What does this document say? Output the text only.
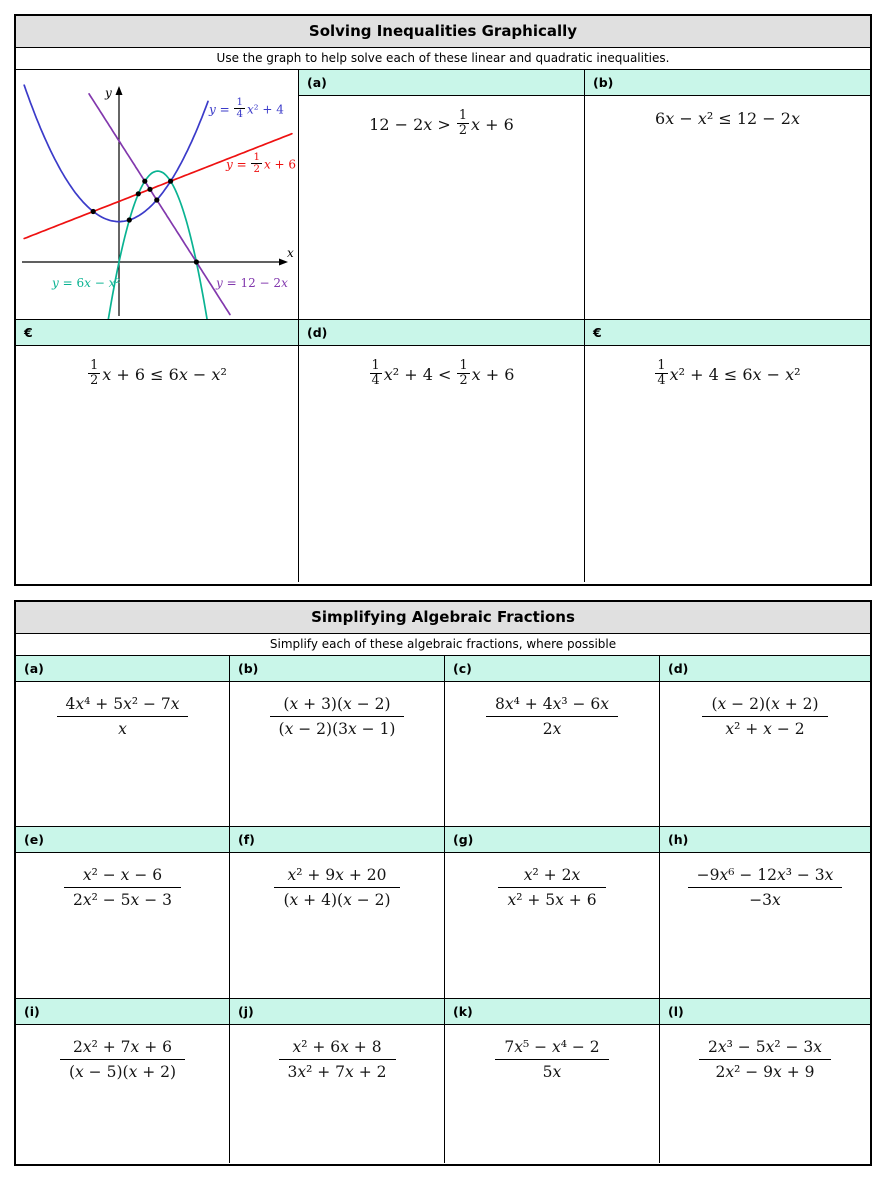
Solving Inequalities Graphically
Use the graph to help solve each of these linear and quadratic inequalities.
x
y
$y = \frac{1}{4} x^2 + 4$
$y = \frac{1}{2}$ x + 6
y = 6x − x²	y = 12 − 2x
(a)
$12 - 2x > \frac{1}{2}$ x + 6
(b)
6x − x² ≤ 12 − 2x
€
$\frac{1}{2}$ x + 6 ≤ 6x − x²
(d)
$\frac{1}{4} x^2 + 4 < \frac{1}{2}$ x + 6
€
$\frac{1}{4} x^2 + 4 \le 6x - x^2$
Simplifying Algebraic Fractions
Simplify each of these algebraic fractions, where possible
(a)
$\frac{\text{4x⁴ + 5x² − 7x}}{x}$
(b)
$\frac{(x + 3)(x - 2)}{(x - 2)(3x - 1)}$
(c)
$\frac{\text{8x⁴ + 4x³ − 6x}}{2x}$
(d)
$\frac{(x - 2)(x + 2)}{\text{x² + x − 2}}$
(e)
$\frac{\text{x² − x − 6}}{\text{2x² − 5x − 3}}$
(f)
$\frac{\text{x² + 9x + 20}}{(x + 4)(x - 2)}$
(g)
$\frac{\text{x² + 2x}}{\text{x² + 5x + 6}}$
(h)
$\frac{\text{−9x⁶ − 12x³ − 3x}}{-3x}$
(i)
$\frac{\text{2x² + 7x + 6}}{(x - 5)(x + 2)}$
(j)
$\frac{\text{x² + 6x + 8}}{\text{3x² + 7x + 2}}$
(k)
$\frac{\text{7x⁵ − x⁴ − 2}}{5x}$
(l)
$\frac{\text{2x³ − 5x² − 3x}}{\text{2x² − 9x + 9}}$
